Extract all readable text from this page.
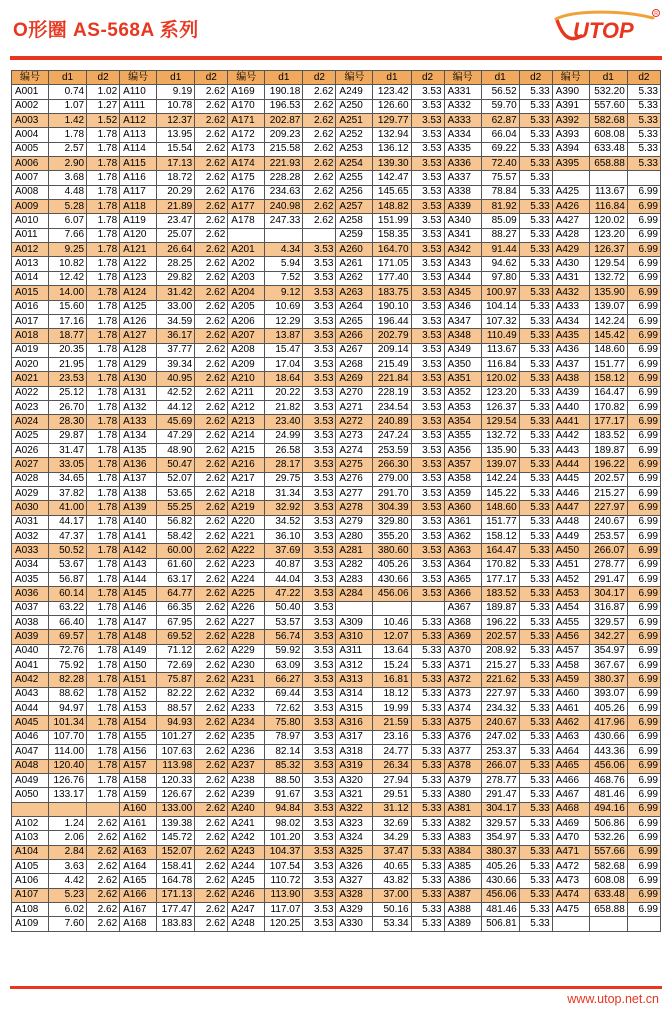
O形圈 AS-568A 系列	UTOP
R
编号	d1	d2	编号	d1	d2	编号	d1	d2	编号	d1	d2	编号	d1	d2	编号	d1	d2
A001	0.74	1.02	A110	9.19	2.62	A169	190.18	2.62	A249	123.42	3.53	A331	56.52	5.33	A390	532.20	5.33
A002	1.07	1.27	A111	10.78	2.62	A170	196.53	2.62	A250	126.60	3.53	A332	59.70	5.33	A391	557.60	5.33
A003	1.42	1.52	A112	12.37	2.62	A171	202.87	2.62	A251	129.77	3.53	A333	62.87	5.33	A392	582.68	5.33
A004	1.78	1.78	A113	13.95	2.62	A172	209.23	2.62	A252	132.94	3.53	A334	66.04	5.33	A393	608.08	5.33
A005	2.57	1.78	A114	15.54	2.62	A173	215.58	2.62	A253	136.12	3.53	A335	69.22	5.33	A394	633.48	5.33
A006	2.90	1.78	A115	17.13	2.62	A174	221.93	2.62	A254	139.30	3.53	A336	72.40	5.33	A395	658.88	5.33
A007	3.68	1.78	A116	18.72	2.62	A175	228.28	2.62	A255	142.47	3.53	A337	75.57	5.33			
A008	4.48	1.78	A117	20.29	2.62	A176	234.63	2.62	A256	145.65	3.53	A338	78.84	5.33	A425	113.67	6.99
A009	5.28	1.78	A118	21.89	2.62	A177	240.98	2.62	A257	148.82	3.53	A339	81.92	5.33	A426	116.84	6.99
A010	6.07	1.78	A119	23.47	2.62	A178	247.33	2.62	A258	151.99	3.53	A340	85.09	5.33	A427	120.02	6.99
A011	7.66	1.78	A120	25.07	2.62				A259	158.35	3.53	A341	88.27	5.33	A428	123.20	6.99
A012	9.25	1.78	A121	26.64	2.62	A201	4.34	3.53	A260	164.70	3.53	A342	91.44	5.33	A429	126.37	6.99
A013	10.82	1.78	A122	28.25	2.62	A202	5.94	3.53	A261	171.05	3.53	A343	94.62	5.33	A430	129.54	6.99
A014	12.42	1.78	A123	29.82	2.62	A203	7.52	3.53	A262	177.40	3.53	A344	97.80	5.33	A431	132.72	6.99
A015	14.00	1.78	A124	31.42	2.62	A204	9.12	3.53	A263	183.75	3.53	A345	100.97	5.33	A432	135.90	6.99
A016	15.60	1.78	A125	33.00	2.62	A205	10.69	3.53	A264	190.10	3.53	A346	104.14	5.33	A433	139.07	6.99
A017	17.16	1.78	A126	34.59	2.62	A206	12.29	3.53	A265	196.44	3.53	A347	107.32	5.33	A434	142.24	6.99
A018	18.77	1.78	A127	36.17	2.62	A207	13.87	3.53	A266	202.79	3.53	A348	110.49	5.33	A435	145.42	6.99
A019	20.35	1.78	A128	37.77	2.62	A208	15.47	3.53	A267	209.14	3.53	A349	113.67	5.33	A436	148.60	6.99
A020	21.95	1.78	A129	39.34	2.62	A209	17.04	3.53	A268	215.49	3.53	A350	116.84	5.33	A437	151.77	6.99
A021	23.53	1.78	A130	40.95	2.62	A210	18.64	3.53	A269	221.84	3.53	A351	120.02	5.33	A438	158.12	6.99
A022	25.12	1.78	A131	42.52	2.62	A211	20.22	3.53	A270	228.19	3.53	A352	123.20	5.33	A439	164.47	6.99
A023	26.70	1.78	A132	44.12	2.62	A212	21.82	3.53	A271	234.54	3.53	A353	126.37	5.33	A440	170.82	6.99
A024	28.30	1.78	A133	45.69	2.62	A213	23.40	3.53	A272	240.89	3.53	A354	129.54	5.33	A441	177.17	6.99
A025	29.87	1.78	A134	47.29	2.62	A214	24.99	3.53	A273	247.24	3.53	A355	132.72	5.33	A442	183.52	6.99
A026	31.47	1.78	A135	48.90	2.62	A215	26.58	3.53	A274	253.59	3.53	A356	135.90	5.33	A443	189.87	6.99
A027	33.05	1.78	A136	50.47	2.62	A216	28.17	3.53	A275	266.30	3.53	A357	139.07	5.33	A444	196.22	6.99
A028	34.65	1.78	A137	52.07	2.62	A217	29.75	3.53	A276	279.00	3.53	A358	142.24	5.33	A445	202.57	6.99
A029	37.82	1.78	A138	53.65	2.62	A218	31.34	3.53	A277	291.70	3.53	A359	145.22	5.33	A446	215.27	6.99
A030	41.00	1.78	A139	55.25	2.62	A219	32.92	3.53	A278	304.39	3.53	A360	148.60	5.33	A447	227.97	6.99
A031	44.17	1.78	A140	56.82	2.62	A220	34.52	3.53	A279	329.80	3.53	A361	151.77	5.33	A448	240.67	6.99
A032	47.37	1.78	A141	58.42	2.62	A221	36.10	3.53	A280	355.20	3.53	A362	158.12	5.33	A449	253.57	6.99
A033	50.52	1.78	A142	60.00	2.62	A222	37.69	3.53	A281	380.60	3.53	A363	164.47	5.33	A450	266.07	6.99
A034	53.67	1.78	A143	61.60	2.62	A223	40.87	3.53	A282	405.26	3.53	A364	170.82	5.33	A451	278.77	6.99
A035	56.87	1.78	A144	63.17	2.62	A224	44.04	3.53	A283	430.66	3.53	A365	177.17	5.33	A452	291.47	6.99
A036	60.14	1.78	A145	64.77	2.62	A225	47.22	3.53	A284	456.06	3.53	A366	183.52	5.33	A453	304.17	6.99
A037	63.22	1.78	A146	66.35	2.62	A226	50.40	3.53				A367	189.87	5.33	A454	316.87	6.99
A038	66.40	1.78	A147	67.95	2.62	A227	53.57	3.53	A309	10.46	5.33	A368	196.22	5.33	A455	329.57	6.99
A039	69.57	1.78	A148	69.52	2.62	A228	56.74	3.53	A310	12.07	5.33	A369	202.57	5.33	A456	342.27	6.99
A040	72.76	1.78	A149	71.12	2.62	A229	59.92	3.53	A311	13.64	5.33	A370	208.92	5.33	A457	354.97	6.99
A041	75.92	1.78	A150	72.69	2.62	A230	63.09	3.53	A312	15.24	5.33	A371	215.27	5.33	A458	367.67	6.99
A042	82.28	1.78	A151	75.87	2.62	A231	66.27	3.53	A313	16.81	5.33	A372	221.62	5.33	A459	380.37	6.99
A043	88.62	1.78	A152	82.22	2.62	A232	69.44	3.53	A314	18.12	5.33	A373	227.97	5.33	A460	393.07	6.99
A044	94.97	1.78	A153	88.57	2.62	A233	72.62	3.53	A315	19.99	5.33	A374	234.32	5.33	A461	405.26	6.99
A045	101.34	1.78	A154	94.93	2.62	A234	75.80	3.53	A316	21.59	5.33	A375	240.67	5.33	A462	417.96	6.99
A046	107.70	1.78	A155	101.27	2.62	A235	78.97	3.53	A317	23.16	5.33	A376	247.02	5.33	A463	430.66	6.99
A047	114.00	1.78	A156	107.63	2.62	A236	82.14	3.53	A318	24.77	5.33	A377	253.37	5.33	A464	443.36	6.99
A048	120.40	1.78	A157	113.98	2.62	A237	85.32	3.53	A319	26.34	5.33	A378	266.07	5.33	A465	456.06	6.99
A049	126.76	1.78	A158	120.33	2.62	A238	88.50	3.53	A320	27.94	5.33	A379	278.77	5.33	A466	468.76	6.99
A050	133.17	1.78	A159	126.67	2.62	A239	91.67	3.53	A321	29.51	5.33	A380	291.47	5.33	A467	481.46	6.99
			A160	133.00	2.62	A240	94.84	3.53	A322	31.12	5.33	A381	304.17	5.33	A468	494.16	6.99
A102	1.24	2.62	A161	139.38	2.62	A241	98.02	3.53	A323	32.69	5.33	A382	329.57	5.33	A469	506.86	6.99
A103	2.06	2.62	A162	145.72	2.62	A242	101.20	3.53	A324	34.29	5.33	A383	354.97	5.33	A470	532.26	6.99
A104	2.84	2.62	A163	152.07	2.62	A243	104.37	3.53	A325	37.47	5.33	A384	380.37	5.33	A471	557.66	6.99
A105	3.63	2.62	A164	158.41	2.62	A244	107.54	3.53	A326	40.65	5.33	A385	405.26	5.33	A472	582.68	6.99
A106	4.42	2.62	A165	164.78	2.62	A245	110.72	3.53	A327	43.82	5.33	A386	430.66	5.33	A473	608.08	6.99
A107	5.23	2.62	A166	171.13	2.62	A246	113.90	3.53	A328	37.00	5.33	A387	456.06	5.33	A474	633.48	6.99
A108	6.02	2.62	A167	177.47	2.62	A247	117.07	3.53	A329	50.16	5.33	A388	481.46	5.33	A475	658.88	6.99
A109	7.60	2.62	A168	183.83	2.62	A248	120.25	3.53	A330	53.34	5.33	A389	506.81	5.33			
www.utop.net.cn
